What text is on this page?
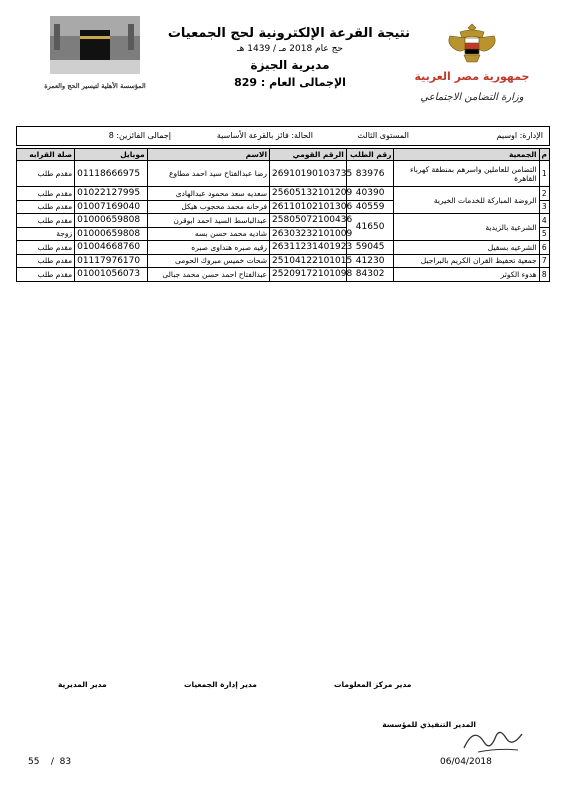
جمهورية مصر العربية
وزارة التضامن الاجتماعي
المؤسسة الأهلية لتيسير الحج والعمرة
نتيجة القرعة الإلكترونية لحج الجمعيات
حج عام 2018 مـ / 1439 هـ
مديرية الجيزة
الإجمالى العام : 829
الإدارة: اوسيم
المستوى الثالث
الحالة: فائز بالقرعة الأساسية
إجمالى الفائزين: 8
م	الجمعية	رقم الطلب	الرقم القومي	الاسم	موبايل	صلة القرابه
1	التضامن للعاملين واسرهم بمنطقة كهرباء القاهرة	83976	26910190103735	رضا عبدالفتاح سيد احمد مطاوع	01118666975	مقدم طلب
2	الروضة المباركة للخدمات الخيرية	40390	25605132101209	سعديه سعد محمود عبدالهادى	01022127995	مقدم طلب
3		40559	26110102101306	فرحانه محمد محجوب هيكل	01007169040	مقدم طلب
4	الشرعية بالزيدية	41650	25805072100436	عبدالباسط السيد احمد ابوقرن	01000659808	مقدم طلب
5			26303232101009	شاديه محمد حسن بسه	01000659808	زوجة
6	الشرعيه بسقيل	59045	26311231401923	رقيه صبره هنداوى صبره	01004668760	مقدم طلب
7	جمعية تحفيظ القران الكريم بالبراجيل	41230	25104122101015	شحات خميس مبروك الحومى	01117976170	مقدم طلب
8	هدوء الكوثر	84302	25209172101098	عبدالفتاح احمد حسن محمد جبالى	01001056073	مقدم طلب
مدير مركز المعلومات
مدير إدارة الجمعيات
مدير المديرية
المدير التنفيذي للمؤسسة
06/04/2018
55    /  83
